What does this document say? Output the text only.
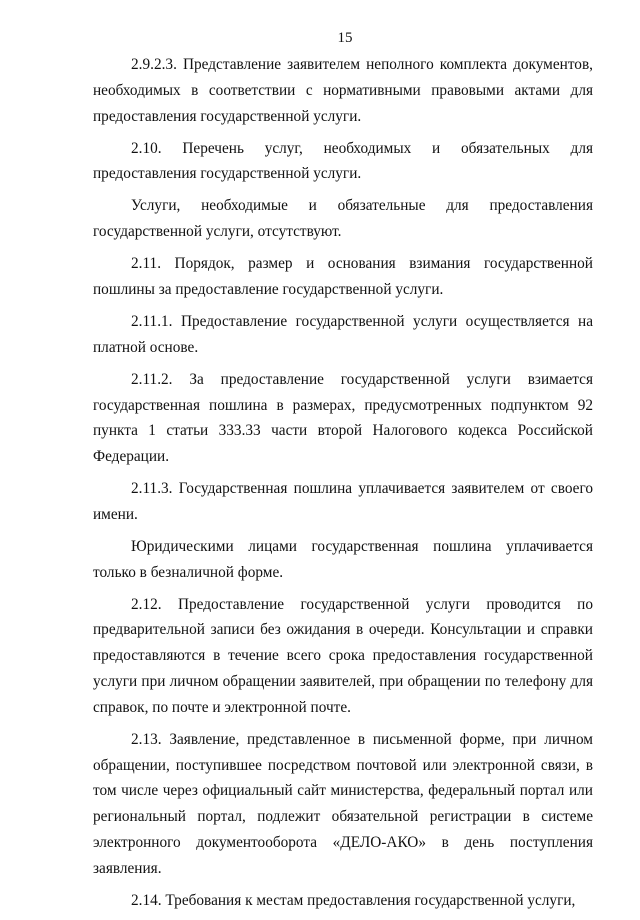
15

2.9.2.3. Представление заявителем неполного комплекта документов, необходимых в соответствии с нормативными правовыми актами для предоставления государственной услуги.

2.10. Перечень услуг, необходимых и обязательных для предоставления государственной услуги.

Услуги, необходимые и обязательные для предоставления государственной услуги, отсутствуют.

2.11. Порядок, размер и основания взимания государственной пошлины за предоставление государственной услуги.

2.11.1. Предоставление государственной услуги осуществляется на платной основе.

2.11.2. За предоставление государственной услуги взимается государственная пошлина в размерах, предусмотренных подпунктом 92 пункта 1 статьи 333.33 части второй Налогового кодекса Российской Федерации.

2.11.3. Государственная пошлина уплачивается заявителем от своего имени.

Юридическими лицами государственная пошлина уплачивается только в безналичной форме.

2.12. Предоставление государственной услуги проводится по предварительной записи без ожидания в очереди. Консультации и справки предоставляются в течение всего срока предоставления государственной услуги при личном обращении заявителей, при обращении по телефону для справок, по почте и электронной почте.

2.13. Заявление, представленное в письменной форме, при личном обращении, поступившее посредством почтовой или электронной связи, в том числе через официальный сайт министерства, федеральный портал или региональный портал, подлежит обязательной регистрации в системе электронного документооборота «ДЕЛО-АКО» в день поступления заявления.

2.14. Требования к местам предоставления государственной услуги,
